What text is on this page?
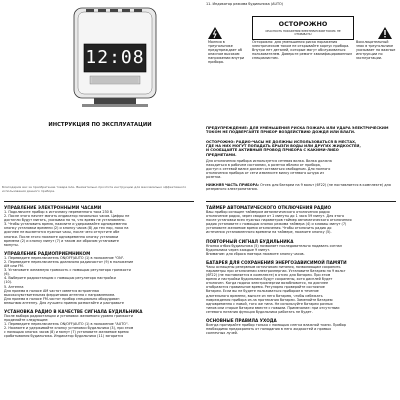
12:08
ИНСТРУКЦИЯ ПО ЭКСПЛУАТАЦИИ
Благодарим вас за приобретение товара GAL. Внимательно прочтите инструкцию для максимально эффективного использования данного прибора.
11. Индикатор режима будильника (AUTO)
Молния в треугольнике предупреждает об опасном высоком напряжении внутри прибора.
ОСТОРОЖНО
ОПАСНОСТЬ ПОРАЖЕНИЯ ЭЛЕКТРИЧЕСКИМ ТОКОМ. НЕ ОТКРЫВАТЬ!
Осторожно: для уменьшения риска поражения электрическим током не открывайте корпус прибора. Внутри нет деталей, которые могут обслуживаться пользователем. Доверьте ремонт квалифицированным специалистам.
Восклицательный знак в треугольнике указывает на важные инструкции по эксплуатации.
ПРЕДУПРЕЖДЕНИЕ: ДЛЯ УМЕНЬШЕНИЯ РИСКА ПОЖАРА ИЛИ УДАРА ЭЛЕКТРИЧЕСКИМ ТОКОМ НЕ ПОДВЕРГАЙТЕ ПРИБОР ВОЗДЕЙСТВИЮ ДОЖДЯ ИЛИ ВЛАГИ.
ОСТОРОЖНО: РАДИО-ЧАСЫ НЕ ДОЛЖНЫ ИСПОЛЬЗОВАТЬСЯ В МЕСТАХ,
ГДЕ НА НИХ МОГУТ ПОПАДАТЬ БРЫЗГИ ВОДЫ ИЛИ ДРУГИХ ЖИДКОСТЕЙ,
И СООБЩАЙТЕ АКТИВНЫЙ ПРОВОД ПРИБОРА С КАКИМИ-ЛИБО
ПРЕДМЕТАМИ.
Для отключения прибора используется сетевая вилка. Вилка должна
находиться в рабочем состоянии, а розетка вблизи от прибора,
доступ к сетевой вилке должен оставаться свободным. Для полного
отключения прибора от сети извлеките вилку сетевого шнура из
розетки.
НИЖНЯЯ ЧАСТЬ ПРИБОРА: Отсек для батареи на 9 вольт (6F22) (не поставляется в комплекте) для резервного электропитания.
УПРАВЛЕНИЕ ЭЛЕКТРОННЫМИ ЧАСАМИ
1. Подключите прибор к источнику переменного тока 230 В.
2. После этого начнет мигать индикатор начальных часов. Цифры не
достигли будут мигать, указывая на то, что время не установлено.
3. Чтобы установить время, нажмите и удерживайте одновременно
кнопку установки времени (2) и кнопку часов (8) до тех пор, пока на
дисплее не высветятся нужные часы, после чего отпустите обе
кнопки. После этого нажмите одновременно кнопку установки
времени (2) и кнопку минут (7) и таким же образом установите
минуты.
УПРАВЛЕНИЕ РАДИОПРИЕМНИКОМ
1. Переведите переключатель ON/OFF/AUTO (1) в положение "ON".
2. Переведите переключатель диапазона радиочастот (9) в положение
AM или FM.
3. Установите желаемую громкость с помощью регулятора громкости
(6).
4. Выберите радиостанцию с помощью регулятора настройки
(10).
5. Антенна
Для приема в полосе AM частот имеется встроенная
высокочувствительная ферритовая антенна с направлением.
Для приема в полосе FM-частот прибор специально оборудован
внешнюю антенну. Для лучшего приема размотайте и расправьте
УСТАНОВКА РАДИО В КАЧЕСТВЕ СИГНАЛА БУДИЛЬНИКА
После выбора радиостанции и установки желаемого уровня громкости
проделайте следующее:
1. Переведите переключатель ON/OFF/AUTO (1) в положение "AUTO".
2. Нажмите и удерживайте кнопку установки будильника (3), при этом
с помощью кнопок часов (8) и минут (7) установите желаемое время
срабатывания будильника. Индикатор будильника (11) загорится
ТАЙМЕР АВТОМАТИЧЕСКОГО ОТКЛЮЧЕНИЯ РАДИО
Ваш прибор оснащен таймером автоматического отключения радио
отключение радио, через сводом от 1 минуты до 1 часа 59 минут. Для этого
после установки всех нужных параметров таймер автоматического отключения
радио установите с помощью кнопок режима таймера (4) и клавиш минут (7)
установите желаемое время отключения. Чтобы отключить радио до
истечения установленного времени на таймере, нажмите кнопку (5).
ПОВТОРНЫЙ СИГНАЛ БУДИЛЬНИКА
Кнопка отбоя будильника (5) позволяет последовательно подавать сигнал
будильника через каждые 9 минут.
Внимание: для сброса повтора нажмите кнопку часов.
БАТАРЕЯ ДЛЯ СОХРАНЕНИЯ ЭНЕРГОЗАВИСИМОЙ ПАМЯТИ
Часы оснащены резервным источником питания, позволяющим сохранить
параметры при отключении электроэнергии. Установите батарею на 9 вольт
(6F22) (не поставляется в комплекте) в отсек для батареи. При этом
время и настройки будильника будут сохранены, хотя дисплей будет
отключен. Когда подача электроэнергии возобновится, на дисплее
отобразится правильное время. Регулярно проверяйте состояние
батареи. Если вы не будете пользоваться прибором в течение
длительного времени, выньте из него батарею, чтобы избежать
повреждения прибора из-за протекания батареи. Заменяйте батарею
одновременно с новой, того же типа. Не используйте батареи разных
типов или старые батареи вместе с новыми. Примечание: при отсутствии
сетевого питания функция будильника работать не будет.
ОСНОВНЫЕ ПРАВИЛА УХОДА
Всегда протирайте прибор только с помощью слегка влажной ткани. Прибор
необходимо предохранять от попадания в него жидкостей и прямых
солнечных лучей.
